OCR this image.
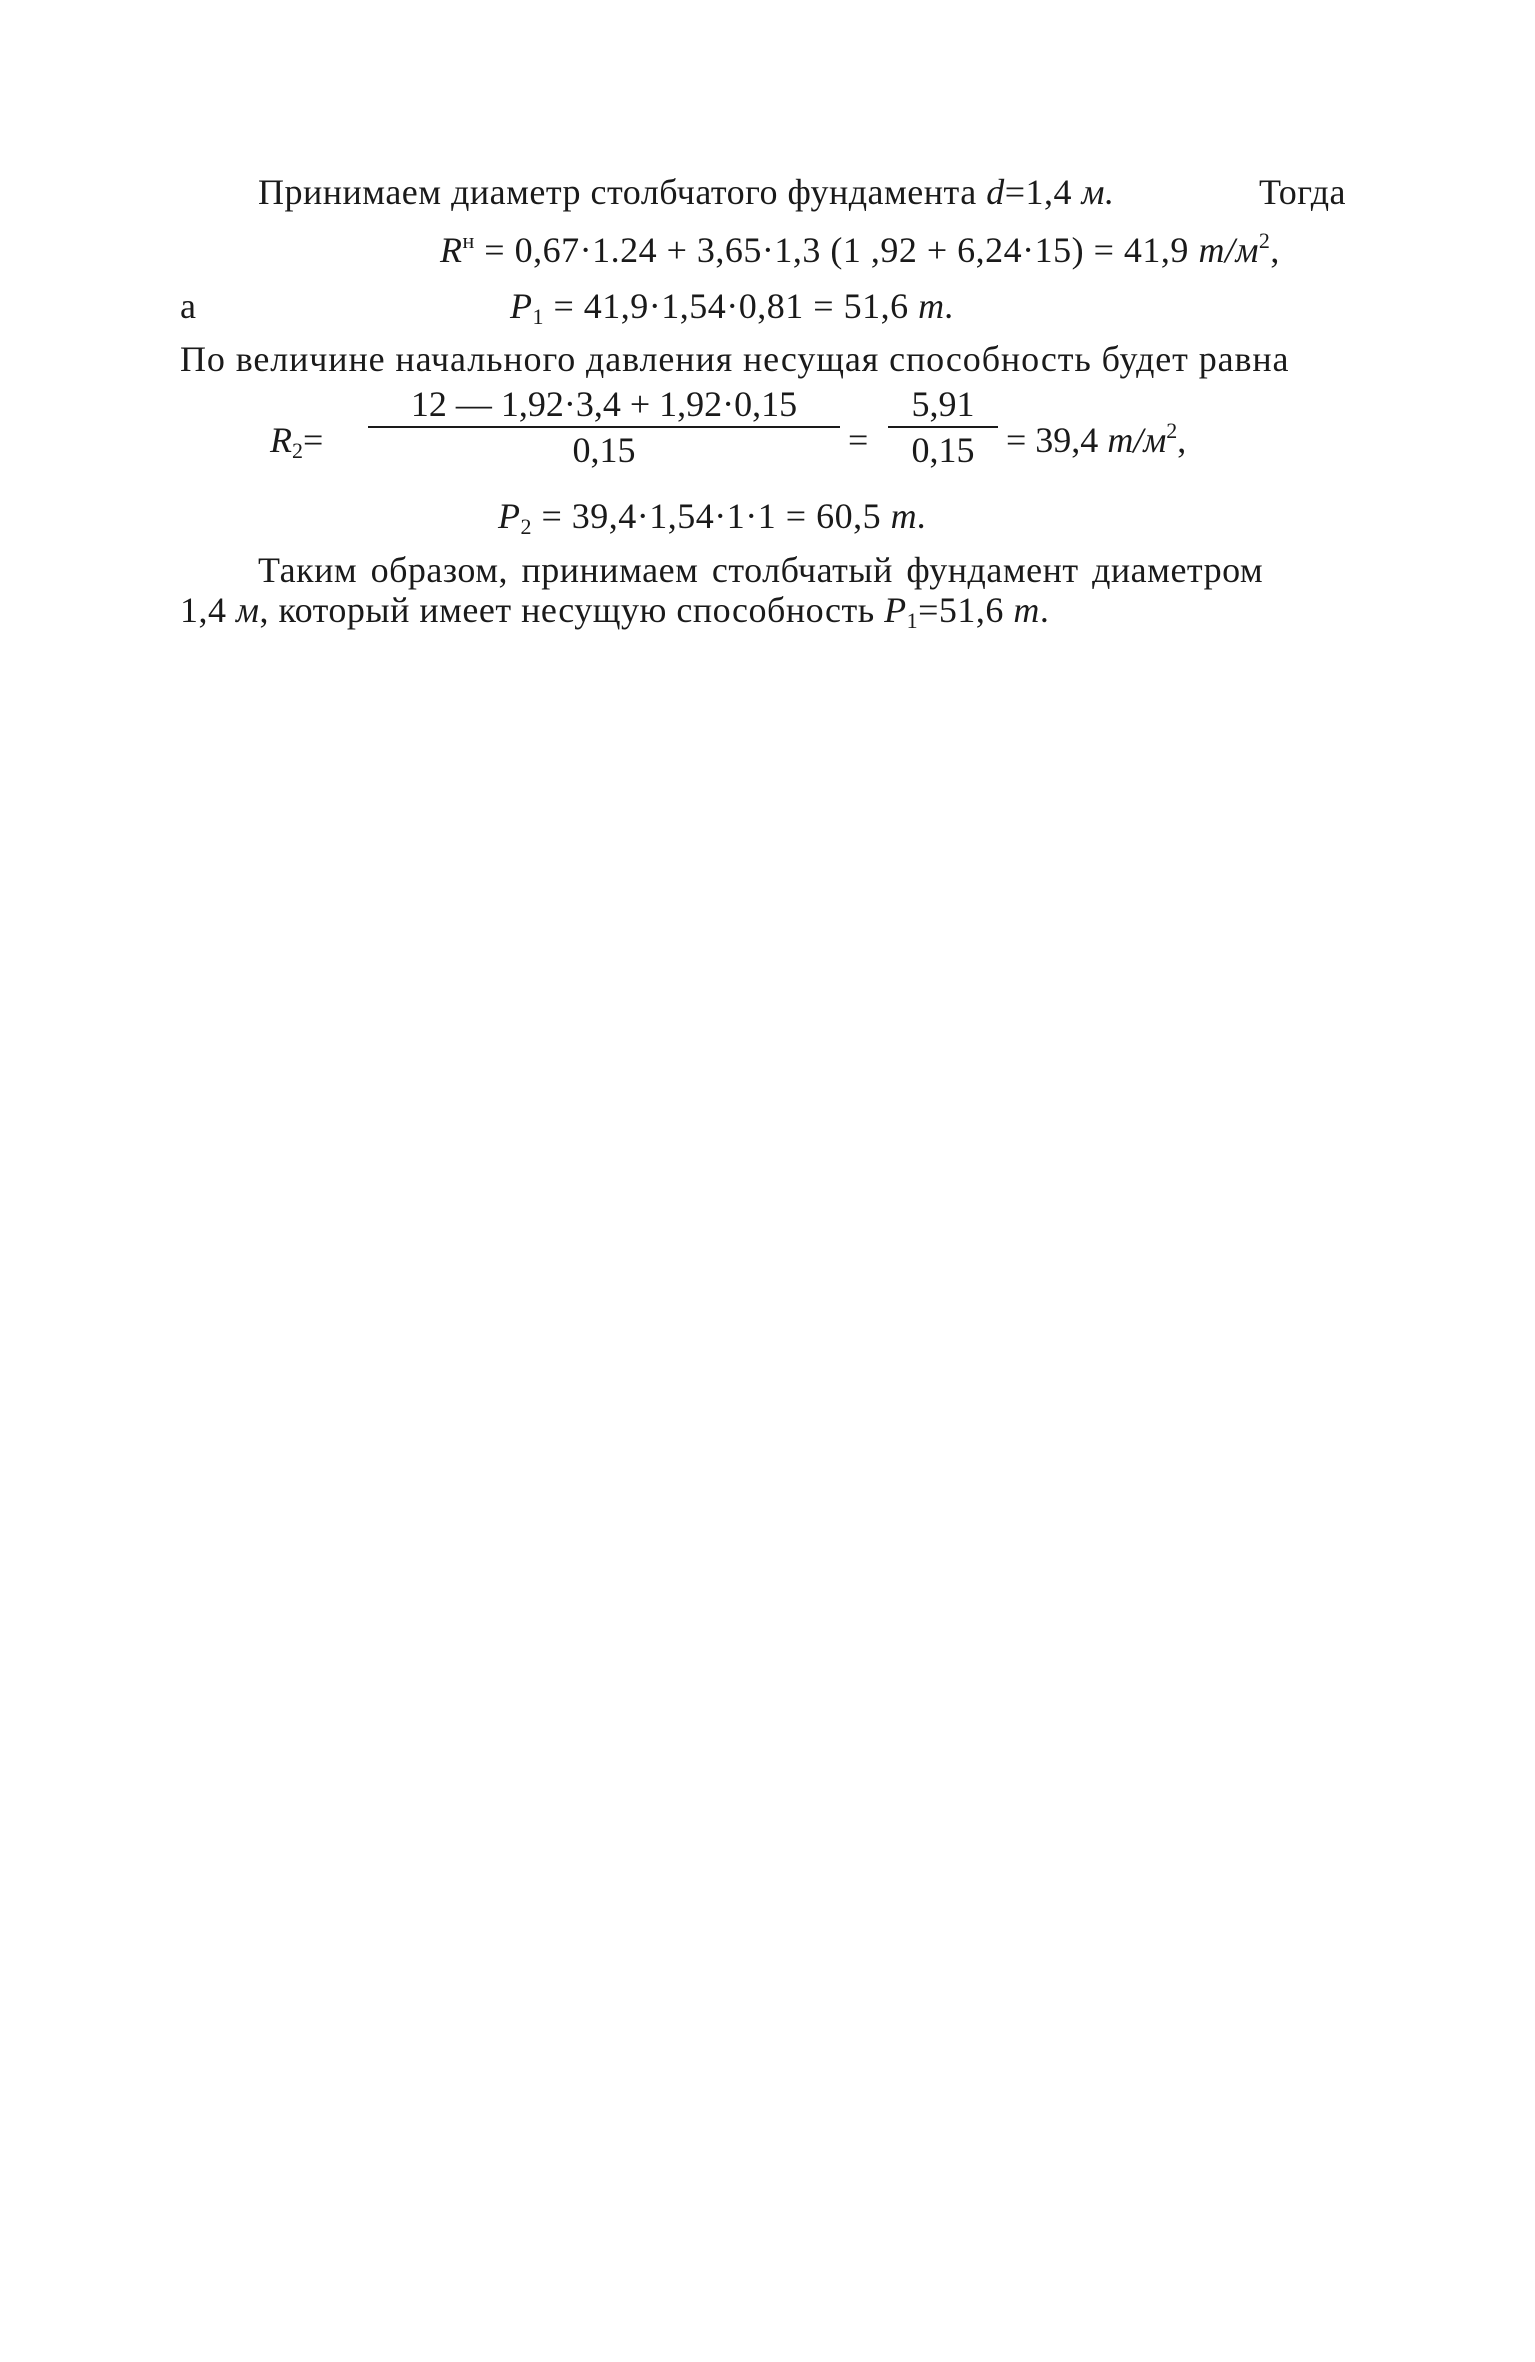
Принимаем диаметр столбчатого фундамента d=1,4 м.	Тогда
$R^н = 0,67\cdot 1.24 + 3,65\cdot 1,3$ (1 ,92 + 6,24·15) = 41,9 $т/м^2$,
а	$P_1 = 41,9\cdot 1,54\cdot 0,81 = 51,6$ т.
По величине начального давления несущая способность будет равна
$R_2=$
12 — 1,92·3,4 + 1,92·0,15
0,15	=
5,91
0,15 = 39,4 $т/м^2$,
$P_2 = 39,4\cdot 1,54\cdot 1\cdot 1 = 60,5$ т.
Таким образом, принимаем столбчатый фундамент диаметром
1,4 м, который имеет несущую способность $P_1=51,6$ т.
